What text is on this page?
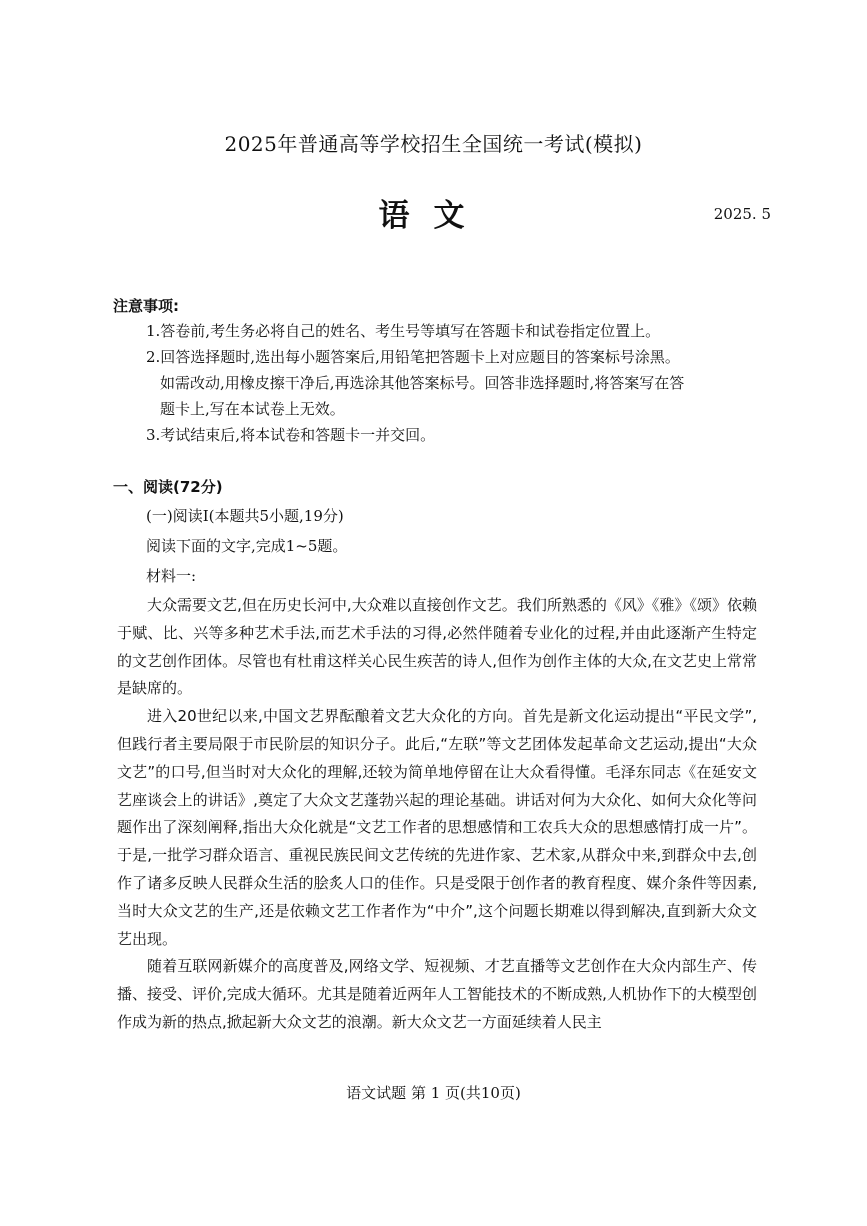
2025年普通高等学校招生全国统一考试(模拟)
语文	2025. 5
注意事项:

1.答卷前,考生务必将自己的姓名、考生号等填写在答题卡和试卷指定位置上。

2.回答选择题时,选出每小题答案后,用铅笔把答题卡上对应题目的答案标号涂黑。

如需改动,用橡皮擦干净后,再选涂其他答案标号。回答非选择题时,将答案写在答

题卡上,写在本试卷上无效。

3.考试结束后,将本试卷和答题卡一并交回。

一、阅读(72分)
(一)阅读Ⅰ(本题共5小题,19分)
阅读下面的文字,完成1~5题。
材料一:

大众需要文艺,但在历史长河中,大众难以直接创作文艺。我们所熟悉的《风》《雅》《颂》依赖于赋、比、兴等多种艺术手法,而艺术手法的习得,必然伴随着专业化的过程,并由此逐渐产生特定的文艺创作团体。尽管也有杜甫这样关心民生疾苦的诗人,但作为创作主体的大众,在文艺史上常常是缺席的。

进入20世纪以来,中国文艺界酝酿着文艺大众化的方向。首先是新文化运动提出“平民文学”,但践行者主要局限于市民阶层的知识分子。此后,“左联”等文艺团体发起革命文艺运动,提出“大众文艺”的口号,但当时对大众化的理解,还较为简单地停留在让大众看得懂。毛泽东同志《在延安文艺座谈会上的讲话》,奠定了大众文艺蓬勃兴起的理论基础。讲话对何为大众化、如何大众化等问题作出了深刻阐释,指出大众化就是“文艺工作者的思想感情和工农兵大众的思想感情打成一片”。于是,一批学习群众语言、重视民族民间文艺传统的先进作家、艺术家,从群众中来,到群众中去,创作了诸多反映人民群众生活的脍炙人口的佳作。只是受限于创作者的教育程度、媒介条件等因素,当时大众文艺的生产,还是依赖文艺工作者作为“中介”,这个问题长期难以得到解决,直到新大众文艺出现。

随着互联网新媒介的高度普及,网络文学、短视频、才艺直播等文艺创作在大众内部生产、传播、接受、评价,完成大循环。尤其是随着近两年人工智能技术的不断成熟,人机协作下的大模型创作成为新的热点,掀起新大众文艺的浪潮。新大众文艺一方面延续着人民主

语文试题 第 1 页(共10页)
